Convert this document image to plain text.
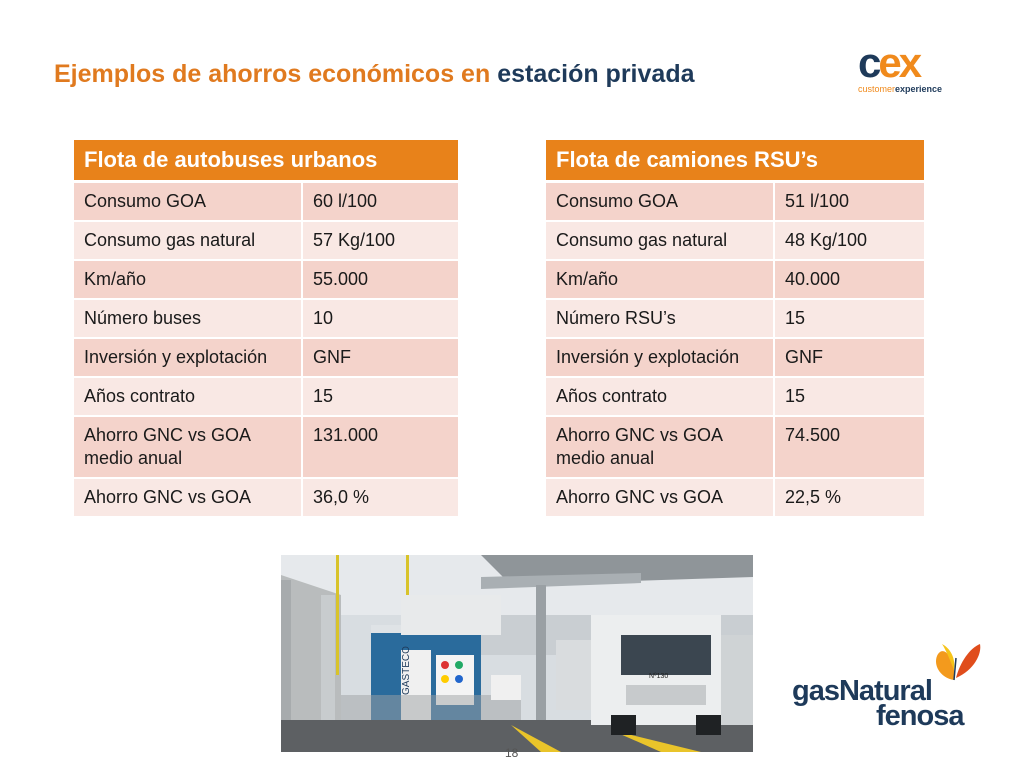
Ejemplos de ahorros económicos en estación privada	cex
customerexperience
Flota de autobuses urbanos	
Consumo GOA	60 l/100
Consumo gas natural	57 Kg/100
Km/año	55.000
Número buses	10
Inversión y explotación	GNF
Años contrato	15
Ahorro GNC vs GOA medio anual	131.000
Ahorro GNC vs GOA	36,0 %
Flota de camiones RSU’s	
Consumo GOA	51 l/100
Consumo gas natural	48 Kg/100
Km/año	40.000
Número RSU’s	15
Inversión y explotación	GNF
Años contrato	15
Ahorro GNC vs GOA medio anual	74.500
Ahorro GNC vs GOA	22,5 %
GASTECO	Nº130
18
gasNatural
fenosa
